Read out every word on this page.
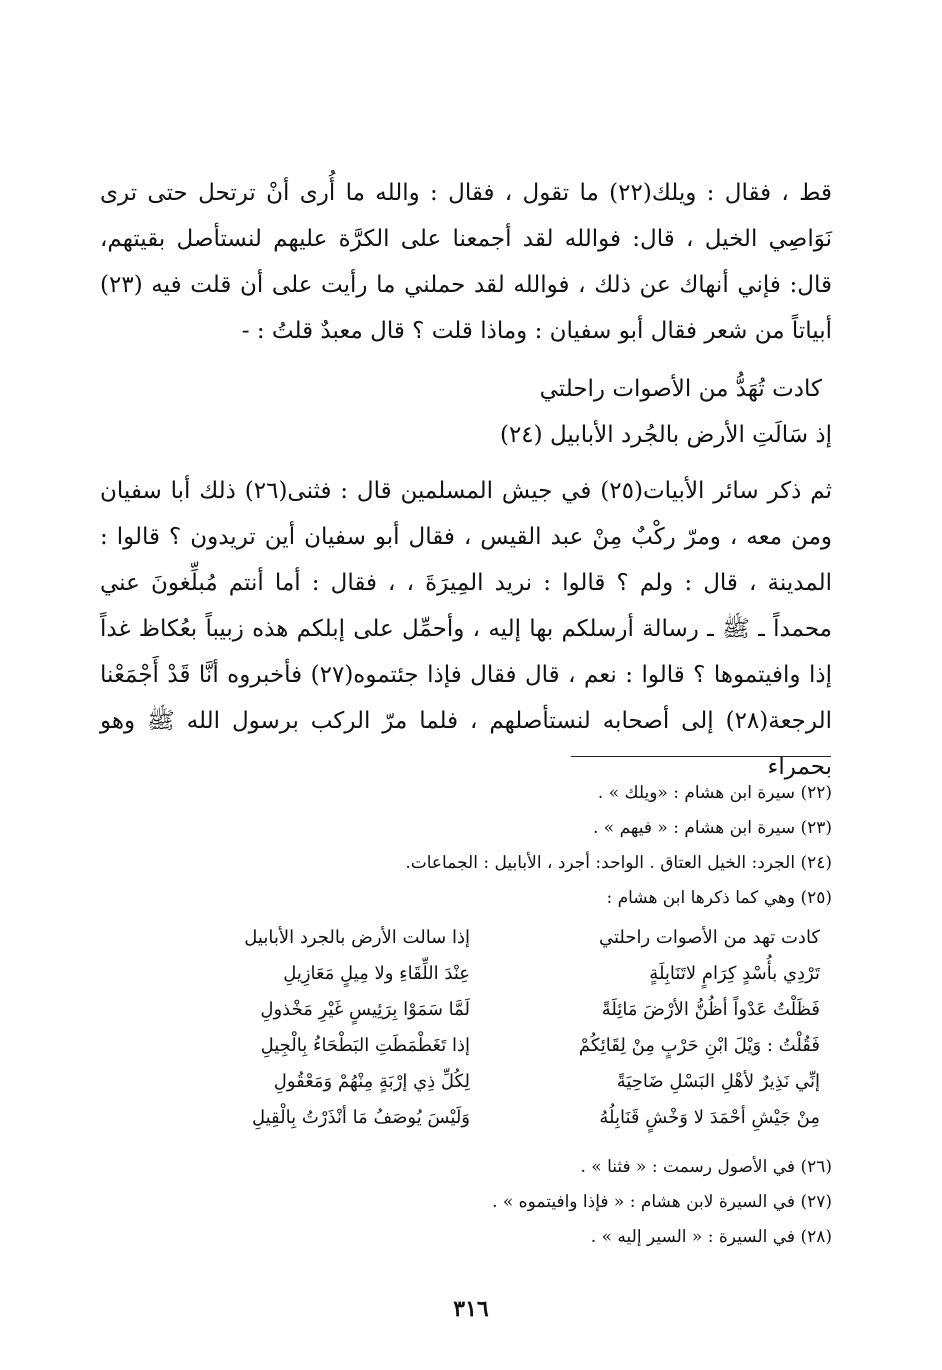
قط ، فقال : ويلك(٢٢) ما تقول ، فقال : والله ما أُرى أنْ ترتحل حتى ترى نَوَاصِي الخيل ، قال: فوالله لقد أجمعنا على الكرَّة عليهم لنستأصل بقيتهم، قال: فإني أنهاك عن ذلك ، فوالله لقد حملني ما رأيت على أن قلت فيه (٢٣) أبياتاً من شعر فقال أبو سفيان : وماذا قلت ؟ قال معبدٌ قلتُ : -

كادت تُهَدُّ من الأصوات راحلتي
إذ سَالَتِ الأرض بالجُرد الأبابيل (٢٤)

ثم ذكر سائر الأبيات(٢٥) في جيش المسلمين قال : فثنى(٢٦) ذلك أبا سفيان ومن معه ، ومرّ ركْبٌ مِنْ عبد القيس ، فقال أبو سفيان أين تريدون ؟ قالوا : المدينة ، قال : ولم ؟ قالوا : نريد المِيرَةَ ، ، فقال : أما أنتم مُبلِّغونَ عني محمداً ـ ﷺ ـ رسالة أرسلكم بها إليه ، وأحمِّل على إبلكم هذه زبيباً بعُكاظ غداً إذا وافيتموها ؟ قالوا : نعم ، قال فقال فإذا جئتموه(٢٧) فأخبروه أنَّا قَدْ أَجْمَعْنا الرجعة(٢٨) إلى أصحابه لنستأصلهم ، فلما مرّ الركب برسول الله ﷺ وهو بحمراء

(٢٢) سيرة ابن هشام : «ويلك » .
(٢٣) سيرة ابن هشام : « فيهم » .
(٢٤) الجرد: الخيل العتاق . الواحد: أجرد ، الأبابيل : الجماعات.
(٢٥) وهي كما ذكرها ابن هشام :
كادت تهد من الأصوات راحلتي
تَرْدِي بأُسْدٍ كِرَامٍ لاتَنَابِلَةٍ
فَظَلْتُ عَدْواً أظُنُّ الأرْضَ مَائِلَةً
فَقُلْتُ : وَيْلَ ابْنِ حَرْبٍ مِنْ لِقَائِكُمْ
إنِّي نَذِيرٌ لأهْلِ البَسْلِ ضَاحِيَةً
مِنْ جَيْشِ أحْمَدَ لا وَخْشٍ قَنَابِلُهُ
إذا سالت الأرض بالجرد الأبابيل
عِنْدَ اللِّقَاءِ ولا مِيلٍ مَعَازِيلِ
لَمَّا سَمَوْا بِرَئِيسٍ غَيْرِ مَخْذولِ
إذا تَغَطْمَطَتِ البَطْحَاءُ بِالْجِيلِ
لِكُلِّ ذِي إرْبَةٍ مِنْهُمْ وَمَعْقُولِ
وَلَيْسَ يُوصَفُ مَا أنْذَرْتُ بِالْقِيلِ
(٢٦) في الأصول رسمت : « فثنا » .
(٢٧) في السيرة لابن هشام : « فإذا وافيتموه » .
(٢٨) في السيرة : « السير إليه » .
٣١٦
